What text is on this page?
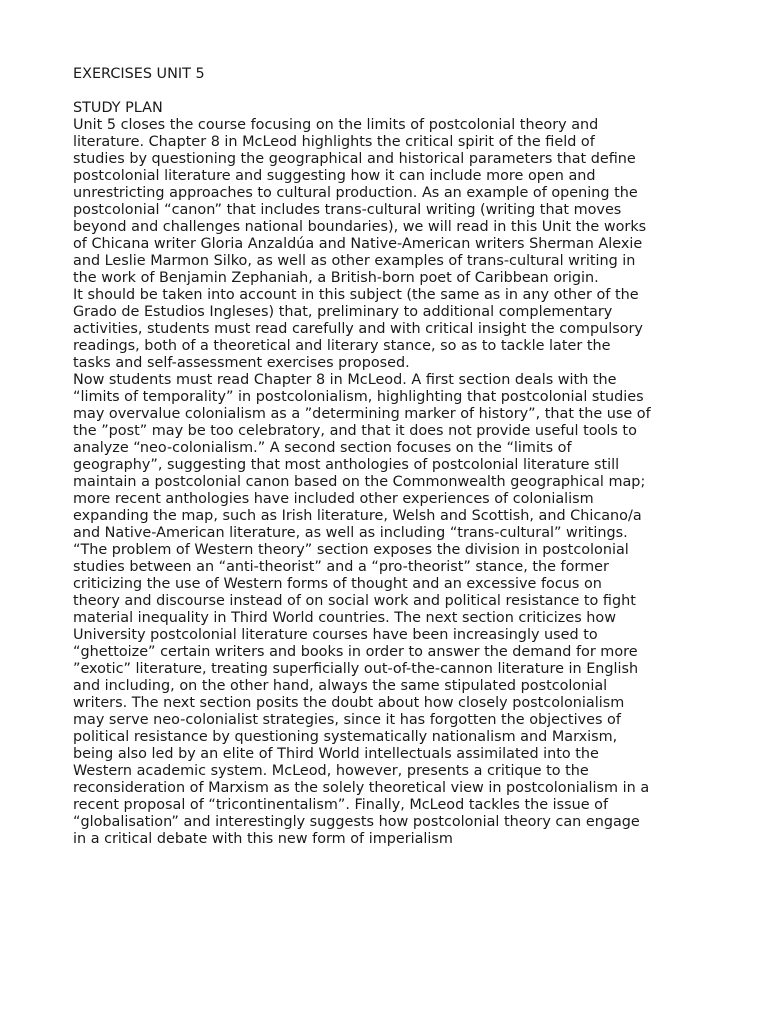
EXERCISES UNIT 5
STUDY PLAN
Unit 5 closes the course focusing on the limits of postcolonial theory and
literature. Chapter 8 in McLeod highlights the critical spirit of the field of
studies by questioning the geographical and historical parameters that define
postcolonial literature and suggesting how it can include more open and
unrestricting approaches to cultural production. As an example of opening the
postcolonial “canon” that includes trans-cultural writing (writing that moves
beyond and challenges national boundaries), we will read in this Unit the works
of Chicana writer Gloria Anzaldúa and Native-American writers Sherman Alexie
and Leslie Marmon Silko, as well as other examples of trans-cultural writing in
the work of Benjamin Zephaniah, a British-born poet of Caribbean origin.
It should be taken into account in this subject (the same as in any other of the
Grado de Estudios Ingleses) that, preliminary to additional complementary
activities, students must read carefully and with critical insight the compulsory
readings, both of a theoretical and literary stance, so as to tackle later the
tasks and self-assessment exercises proposed.
Now students must read Chapter 8 in McLeod. A first section deals with the
“limits of temporality” in postcolonialism, highlighting that postcolonial studies
may overvalue colonialism as a ”determining marker of history”, that the use of
the ”post” may be too celebratory, and that it does not provide useful tools to
analyze “neo-colonialism.” A second section focuses on the “limits of
geography”, suggesting that most anthologies of postcolonial literature still
maintain a postcolonial canon based on the Commonwealth geographical map;
more recent anthologies have included other experiences of colonialism
expanding the map, such as Irish literature, Welsh and Scottish, and Chicano/a
and Native-American literature, as well as including “trans-cultural” writings.
“The problem of Western theory” section exposes the division in postcolonial
studies between an “anti-theorist” and a “pro-theorist” stance, the former
criticizing the use of Western forms of thought and an excessive focus on
theory and discourse instead of on social work and political resistance to fight
material inequality in Third World countries. The next section criticizes how
University postcolonial literature courses have been increasingly used to
“ghettoize” certain writers and books in order to answer the demand for more
”exotic” literature, treating superficially out-of-the-cannon literature in English
and including, on the other hand, always the same stipulated postcolonial
writers. The next section posits the doubt about how closely postcolonialism
may serve neo-colonialist strategies, since it has forgotten the objectives of
political resistance by questioning systematically nationalism and Marxism,
being also led by an elite of Third World intellectuals assimilated into the
Western academic system. McLeod, however, presents a critique to the
reconsideration of Marxism as the solely theoretical view in postcolonialism in a
recent proposal of “tricontinentalism”. Finally, McLeod tackles the issue of
“globalisation” and interestingly suggests how postcolonial theory can engage
in a critical debate with this new form of imperialism
